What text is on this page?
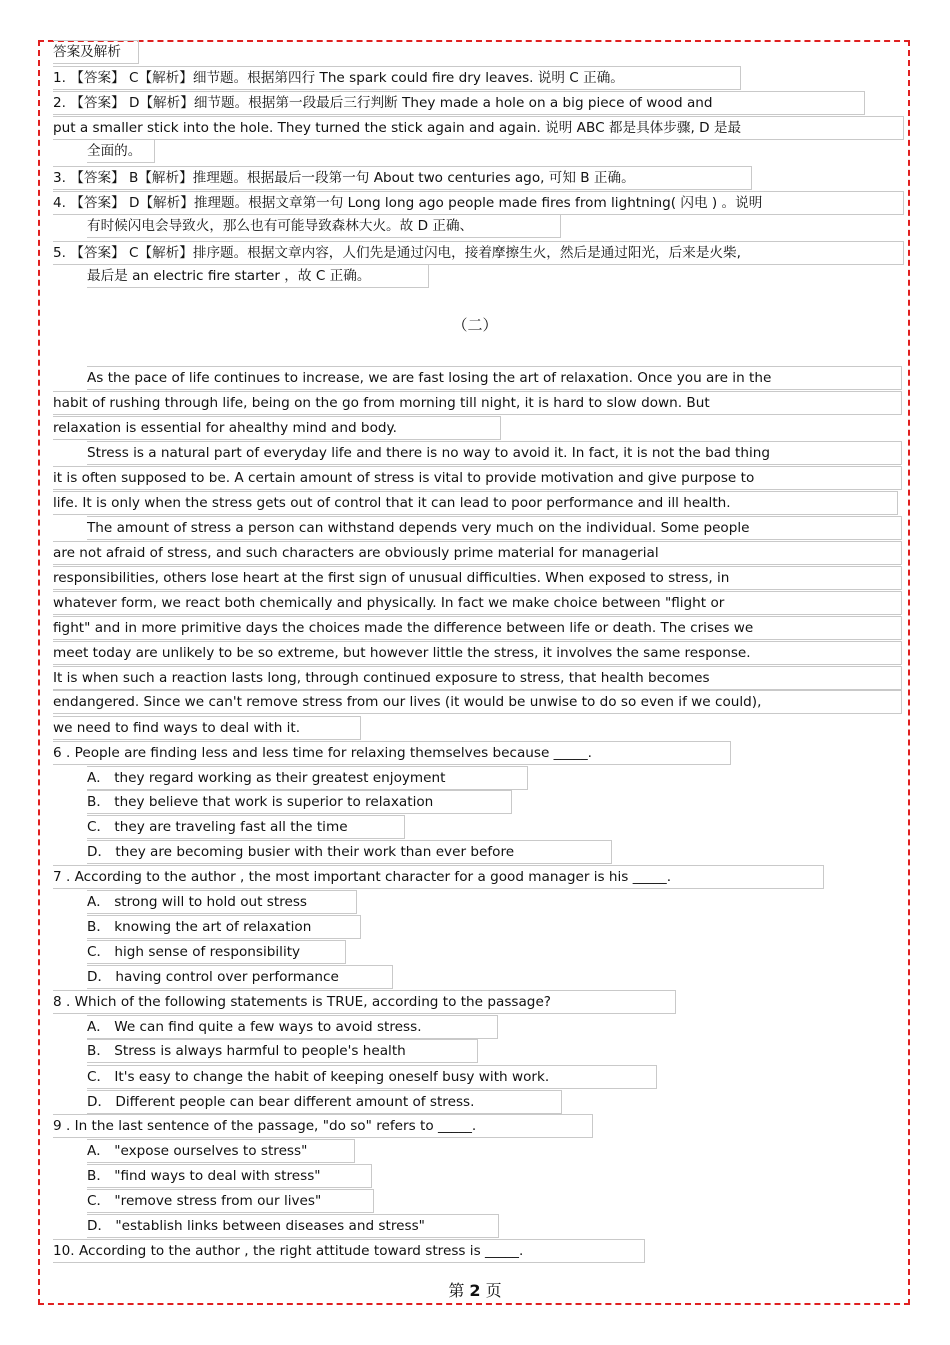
答案及解析
1. 【答案】 C【解析】细节题。根据第四行 The spark could fire dry leaves. 说明 C 正确。
2. 【答案】 D【解析】细节题。根据第一段最后三行判断 They made a hole on a big piece of wood and
put a smaller stick into the hole. They turned the stick again and again. 说明 ABC 都是具体步骤, D 是最
全面的。
3. 【答案】 B【解析】推理题。根据最后一段第一句 About two centuries ago, 可知 B 正确。
4. 【答案】 D【解析】推理题。根据文章第一句 Long long ago people made fires from lightning( 闪电 ) 。说明
有时候闪电会导致火，那么也有可能导致森林大火。故 D 正确、
5. 【答案】 C【解析】排序题。根据文章内容，人们先是通过闪电，接着摩擦生火，然后是通过阳光，后来是火柴,
最后是 an electric fire starter ，故 C 正确。
（二）
As the pace of life continues to increase, we are fast losing the art of relaxation. Once you are in the
habit of rushing through life, being on the go from morning till night, it is hard to slow down. But
relaxation is essential for ahealthy mind and body.
Stress is a natural part of everyday life and there is no way to avoid it. In fact, it is not the bad thing
it is often supposed to be. A certain amount of stress is vital to provide motivation and give purpose to
life. It is only when the stress gets out of control that it can lead to poor performance and ill health.
The amount of stress a person can withstand depends very much on the individual. Some people
are not afraid of stress, and such characters are obviously prime material for managerial
responsibilities, others lose heart at the first sign of unusual difficulties. When exposed to stress, in
whatever form, we react both chemically and physically. In fact we make choice between "flight or
fight" and in more primitive days the choices made the difference between life or death. The crises we
meet today are unlikely to be so extreme, but however little the stress, it involves the same response.
It is when such a reaction lasts long, through continued exposure to stress, that health becomes
endangered. Since we can't remove stress from our lives (it would be unwise to do so even if we could),
we need to find ways to deal with it.
6 . People are finding less and less time for relaxing themselves because _____.
A． they regard working as their greatest enjoyment
B． they believe that work is superior to relaxation
C． they are traveling fast all the time
D． they are becoming busier with their work than ever before
7 . According to the author , the most important character for a good manager is his _____.
A． strong will to hold out stress
B． knowing the art of relaxation
C． high sense of responsibility
D． having control over performance
8 . Which of the following statements is TRUE, according to the passage?
A． We can find quite a few ways to avoid stress.
B． Stress is always harmful to people's health
C． It's easy to change the habit of keeping oneself busy with work.
D． Different people can bear different amount of stress.
9 . In the last sentence of the passage, "do so" refers to _____.
A． "expose ourselves to stress"
B． "find ways to deal with stress"
C． "remove stress from our lives"
D． "establish links between diseases and stress"
10. According to the author , the right attitude toward stress is _____.
第 2 页
